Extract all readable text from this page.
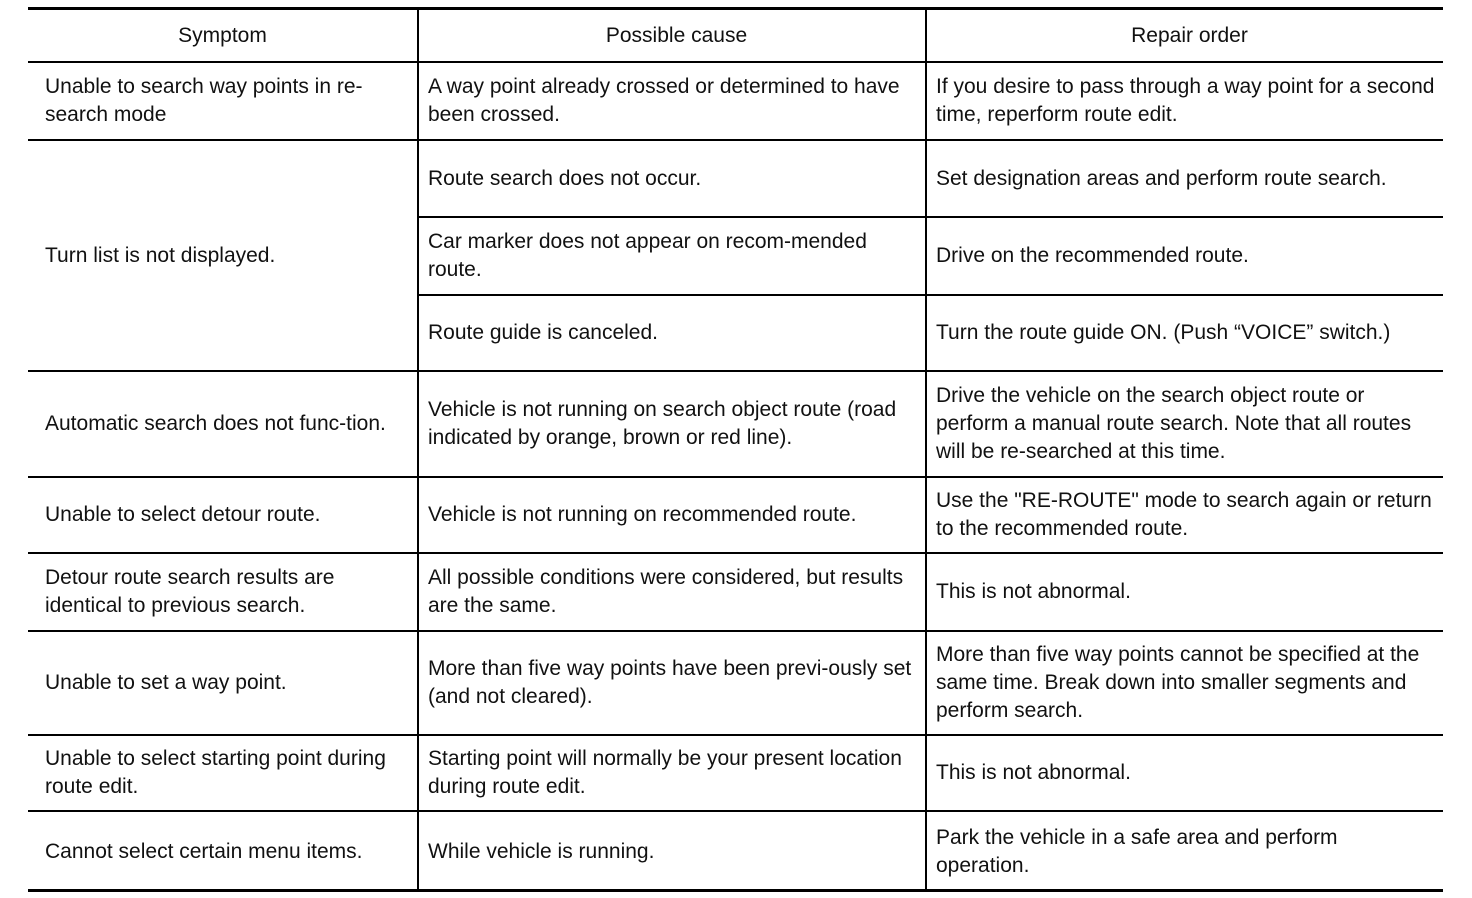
Symptom	Possible cause	Repair order
Unable to search way points in re-search mode	A way point already crossed or determined to have been crossed.	If you desire to pass through a way point for a second time, reperform route edit.
Turn list is not displayed.	Route search does not occur.	Set designation areas and perform route search.
	Car marker does not appear on recom-mended route.	Drive on the recommended route.
	Route guide is canceled.	Turn the route guide ON. (Push “VOICE” switch.)
Automatic search does not func-tion.	Vehicle is not running on search object route (road indicated by orange, brown or red line).	Drive the vehicle on the search object route or perform a manual route search. Note that all routes will be re-searched at this time.
Unable to select detour route.	Vehicle is not running on recommended route.	Use the "RE-ROUTE" mode to search again or return to the recommended route.
Detour route search results are identical to previous search.	All possible conditions were considered, but results are the same.	This is not abnormal.
Unable to set a way point.	More than five way points have been previ-ously set (and not cleared).	More than five way points cannot be specified at the same time. Break down into smaller segments and perform search.
Unable to select starting point during route edit.	Starting point will normally be your present location during route edit.	This is not abnormal.
Cannot select certain menu items.	While vehicle is running.	Park the vehicle in a safe area and perform operation.
